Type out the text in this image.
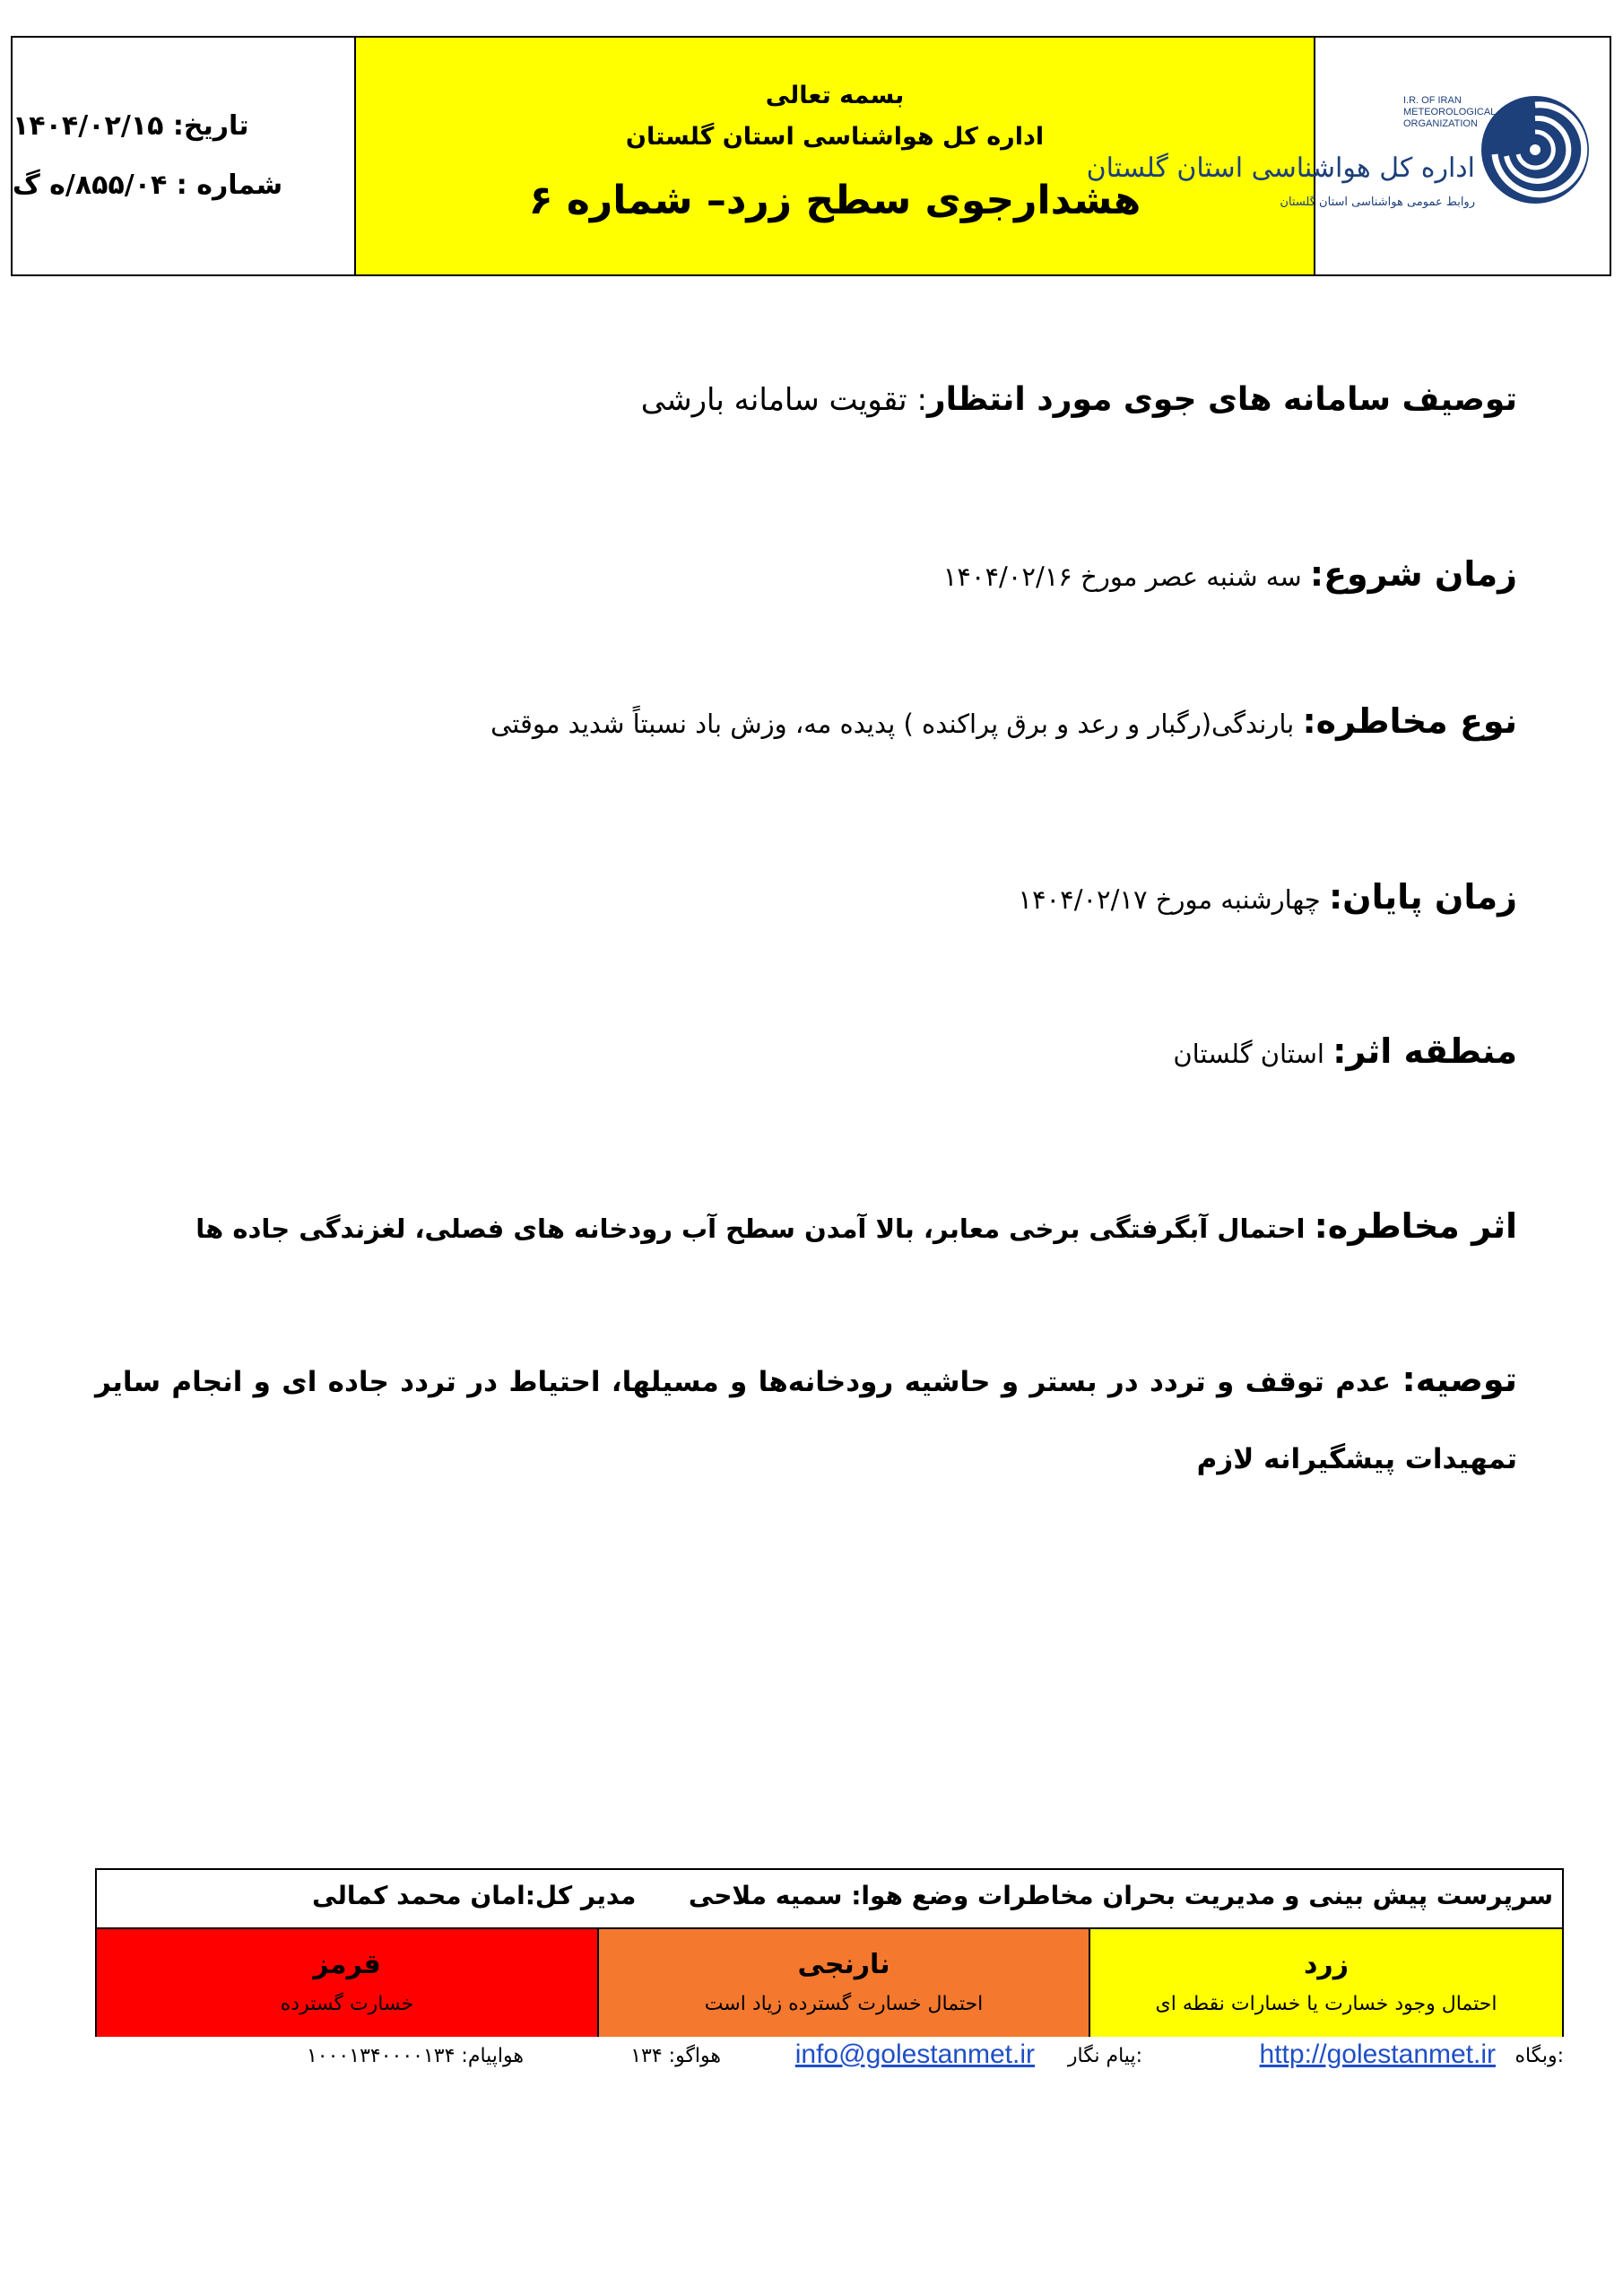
تاریخ: ۱۴۰۴/۰۲/۱۵
شماره : ۸۵۵/۰۴/ه گ
بسمه تعالی
اداره کل هواشناسی استان گلستان
هشدارجوی سطح زرد– شماره ۶
I.R. OF IRAN METEOROLOGICAL ORGANIZATION
اداره کل هواشناسی استان گلستان
روابط عمومی هواشناسی استان گلستان
توصیف سامانه های جوی مورد انتظار: تقویت سامانه بارشی
زمان شروع: سه شنبه عصر مورخ ۱۴۰۴/۰۲/۱۶
نوع مخاطره: بارندگی(رگبار و رعد و برق پراکنده ) پدیده مه، وزش باد نسبتاً شدید موقتی
زمان پایان: چهارشنبه مورخ ۱۴۰۴/۰۲/۱۷
منطقه اثر: استان گلستان
اثر مخاطره: احتمال آبگرفتگی برخی معابر، بالا آمدن سطح آب رودخانه های فصلی، لغزندگی جاده ها
توصیه: عدم توقف و تردد در بستر و حاشیه رودخانه‌ها و مسیلها، احتیاط در تردد جاده ای و انجام سایر تمهیدات پیشگیرانه لازم
سرپرست پیش بینی و مدیریت بحران مخاطرات وضع هوا: سمیه ملاحی
مدیر کل:امان محمد کمالی
قرمز
خسارت گسترده
نارنجی
احتمال خسارت گسترده زیاد است
زرد
احتمال وجود خسارت یا خسارات نقطه ای
وبگاه:
http://golestanmet.ir
پیام نگار:
info@golestanmet.ir
هواگو: ۱۳۴
هواپیام: ۱۰۰۰۱۳۴۰۰۰۰۱۳۴
